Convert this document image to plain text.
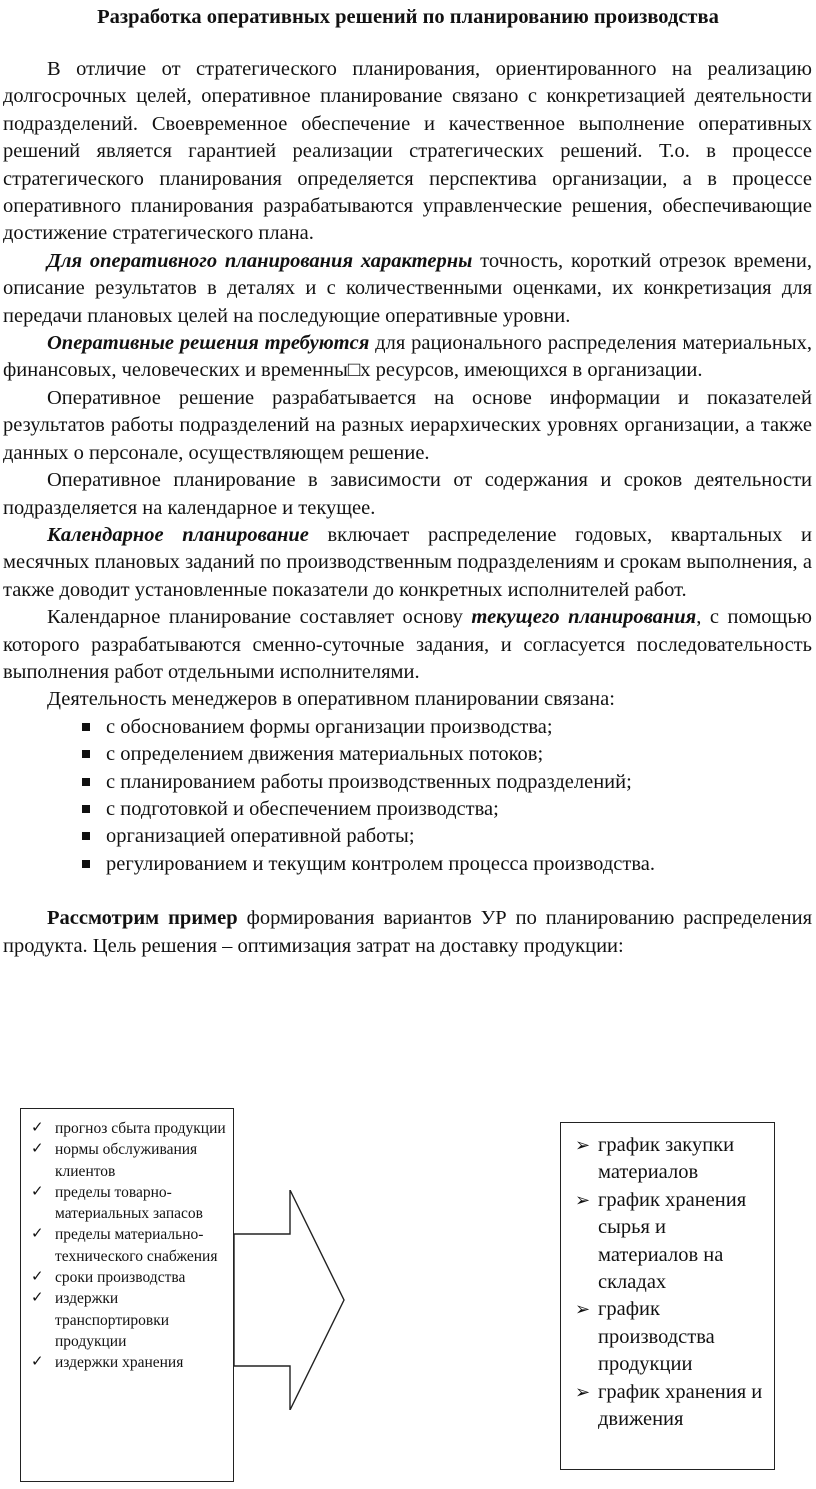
Разработка оперативных решений по планированию производства

В отличие от стратегического планирования, ориентированного на реализацию долгосрочных целей, оперативное планирование связано с конкретизацией деятельности подразделений. Своевременное обеспечение и качественное выполнение оперативных решений является гарантией реализации стратегических решений. Т.о. в процессе стратегического планирования определяется перспектива организации, а в процессе оперативного планирования разрабатываются управленческие решения, обеспечивающие достижение стратегического плана.

Для оперативного планирования характерны точность, короткий отрезок времени, описание результатов в деталях и с количественными оценками, их конкретизация для передачи плановых целей на последующие оперативные уровни.

Оперативные решения требуются для рационального распределения материальных, финансовых, человеческих и временны□х ресурсов, имеющихся в организации.

Оперативное решение разрабатывается на основе информации и показателей результатов работы подразделений на разных иерархических уровнях организации, а также данных о персонале, осуществляющем решение.

Оперативное планирование в зависимости от содержания и сроков деятельности подразделяется на календарное и текущее.

Календарное планирование включает распределение годовых, квартальных и месячных плановых заданий по производственным подразделениям и срокам выполнения, а также доводит установленные показатели до конкретных исполнителей работ.

Календарное планирование составляет основу текущего планирования, с помощью которого разрабатываются сменно-суточные задания, и согласуется последовательность выполнения работ отдельными исполнителями.

Деятельность менеджеров в оперативном планировании связана:

с обоснованием формы организации производства;
с определением движения материальных потоков;
с планированием работы производственных подразделений;
с подготовкой и обеспечением производства;
организацией оперативной работы;
регулированием и текущим контролем процесса производства.

Рассмотрим пример формирования вариантов УР по планированию распределения продукта. Цель решения – оптимизация затрат на доставку продукции:

✓ прогноз сбыта продукции
✓ нормы обслуживания клиентов
✓ пределы товарно-материальных запасов
✓ пределы материально-технического снабжения
✓ сроки производства
✓ издержки транспортировки продукции
✓ издержки хранения
➢ график закупки материалов
➢ график хранения сырья и материалов на складах
➢ график производства продукции
➢ график хранения и движения
